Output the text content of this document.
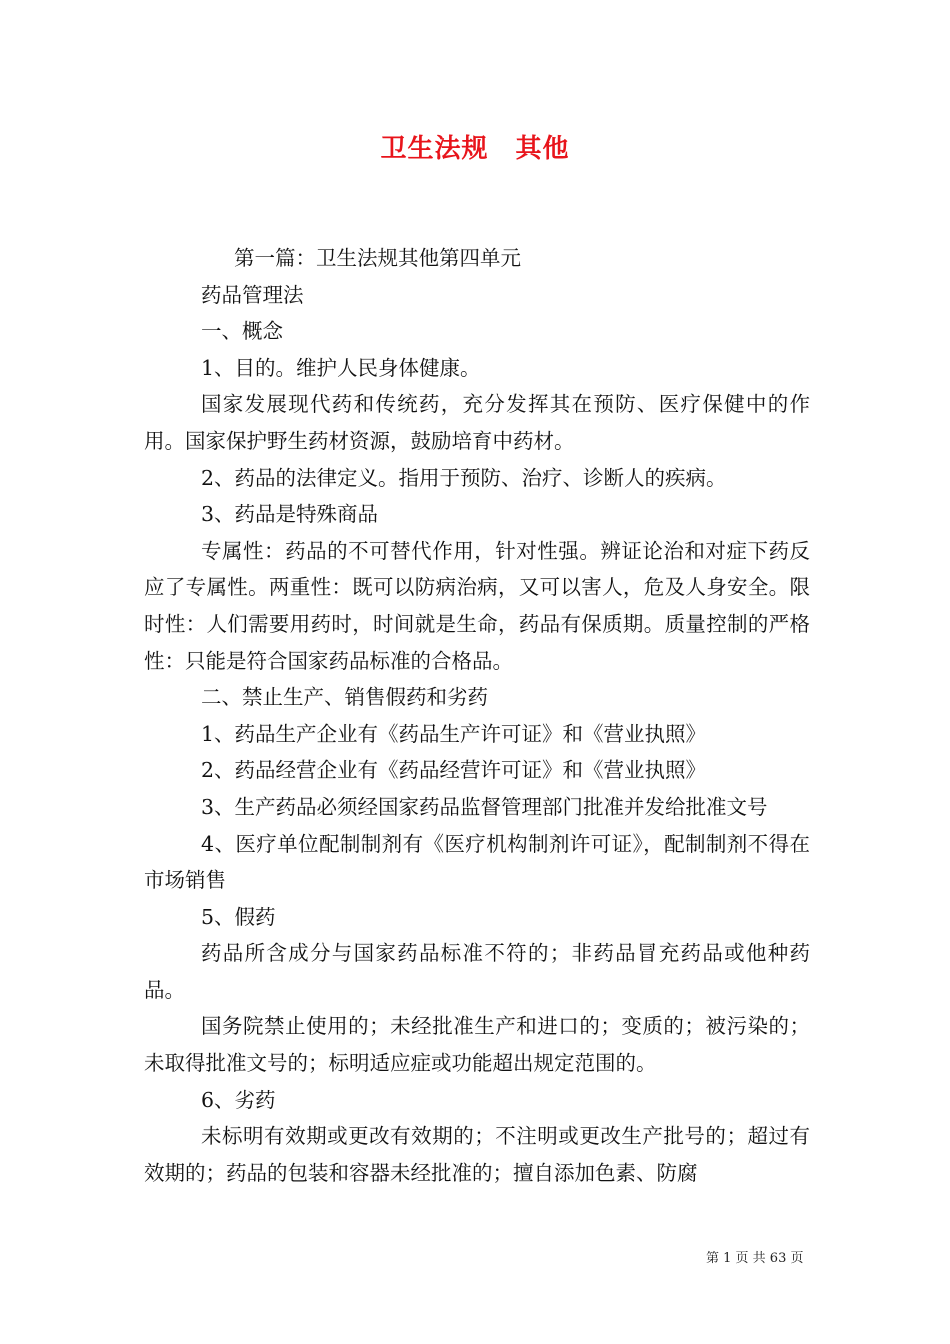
卫生法规　其他

第一篇：卫生法规其他第四单元

药品管理法

一、概念

1、目的。维护人民身体健康。

国家发展现代药和传统药，充分发挥其在预防、医疗保健中的作用。国家保护野生药材资源，鼓励培育中药材。

2、药品的法律定义。指用于预防、治疗、诊断人的疾病。

3、药品是特殊商品

专属性：药品的不可替代作用，针对性强。辨证论治和对症下药反应了专属性。两重性：既可以防病治病，又可以害人，危及人身安全。限时性：人们需要用药时，时间就是生命，药品有保质期。质量控制的严格性：只能是符合国家药品标准的合格品。

二、禁止生产、销售假药和劣药

1、药品生产企业有《药品生产许可证》和《营业执照》

2、药品经营企业有《药品经营许可证》和《营业执照》

3、生产药品必须经国家药品监督管理部门批准并发给批准文号

4、医疗单位配制制剂有《医疗机构制剂许可证》，配制制剂不得在市场销售

5、假药

药品所含成分与国家药品标准不符的；非药品冒充药品或他种药品。

国务院禁止使用的；未经批准生产和进口的；变质的；被污染的；未取得批准文号的；标明适应症或功能超出规定范围的。

6、劣药

未标明有效期或更改有效期的；不注明或更改生产批号的；超过有效期的；药品的包装和容器未经批准的；擅自添加色素、防腐

第 1 页 共 63 页
